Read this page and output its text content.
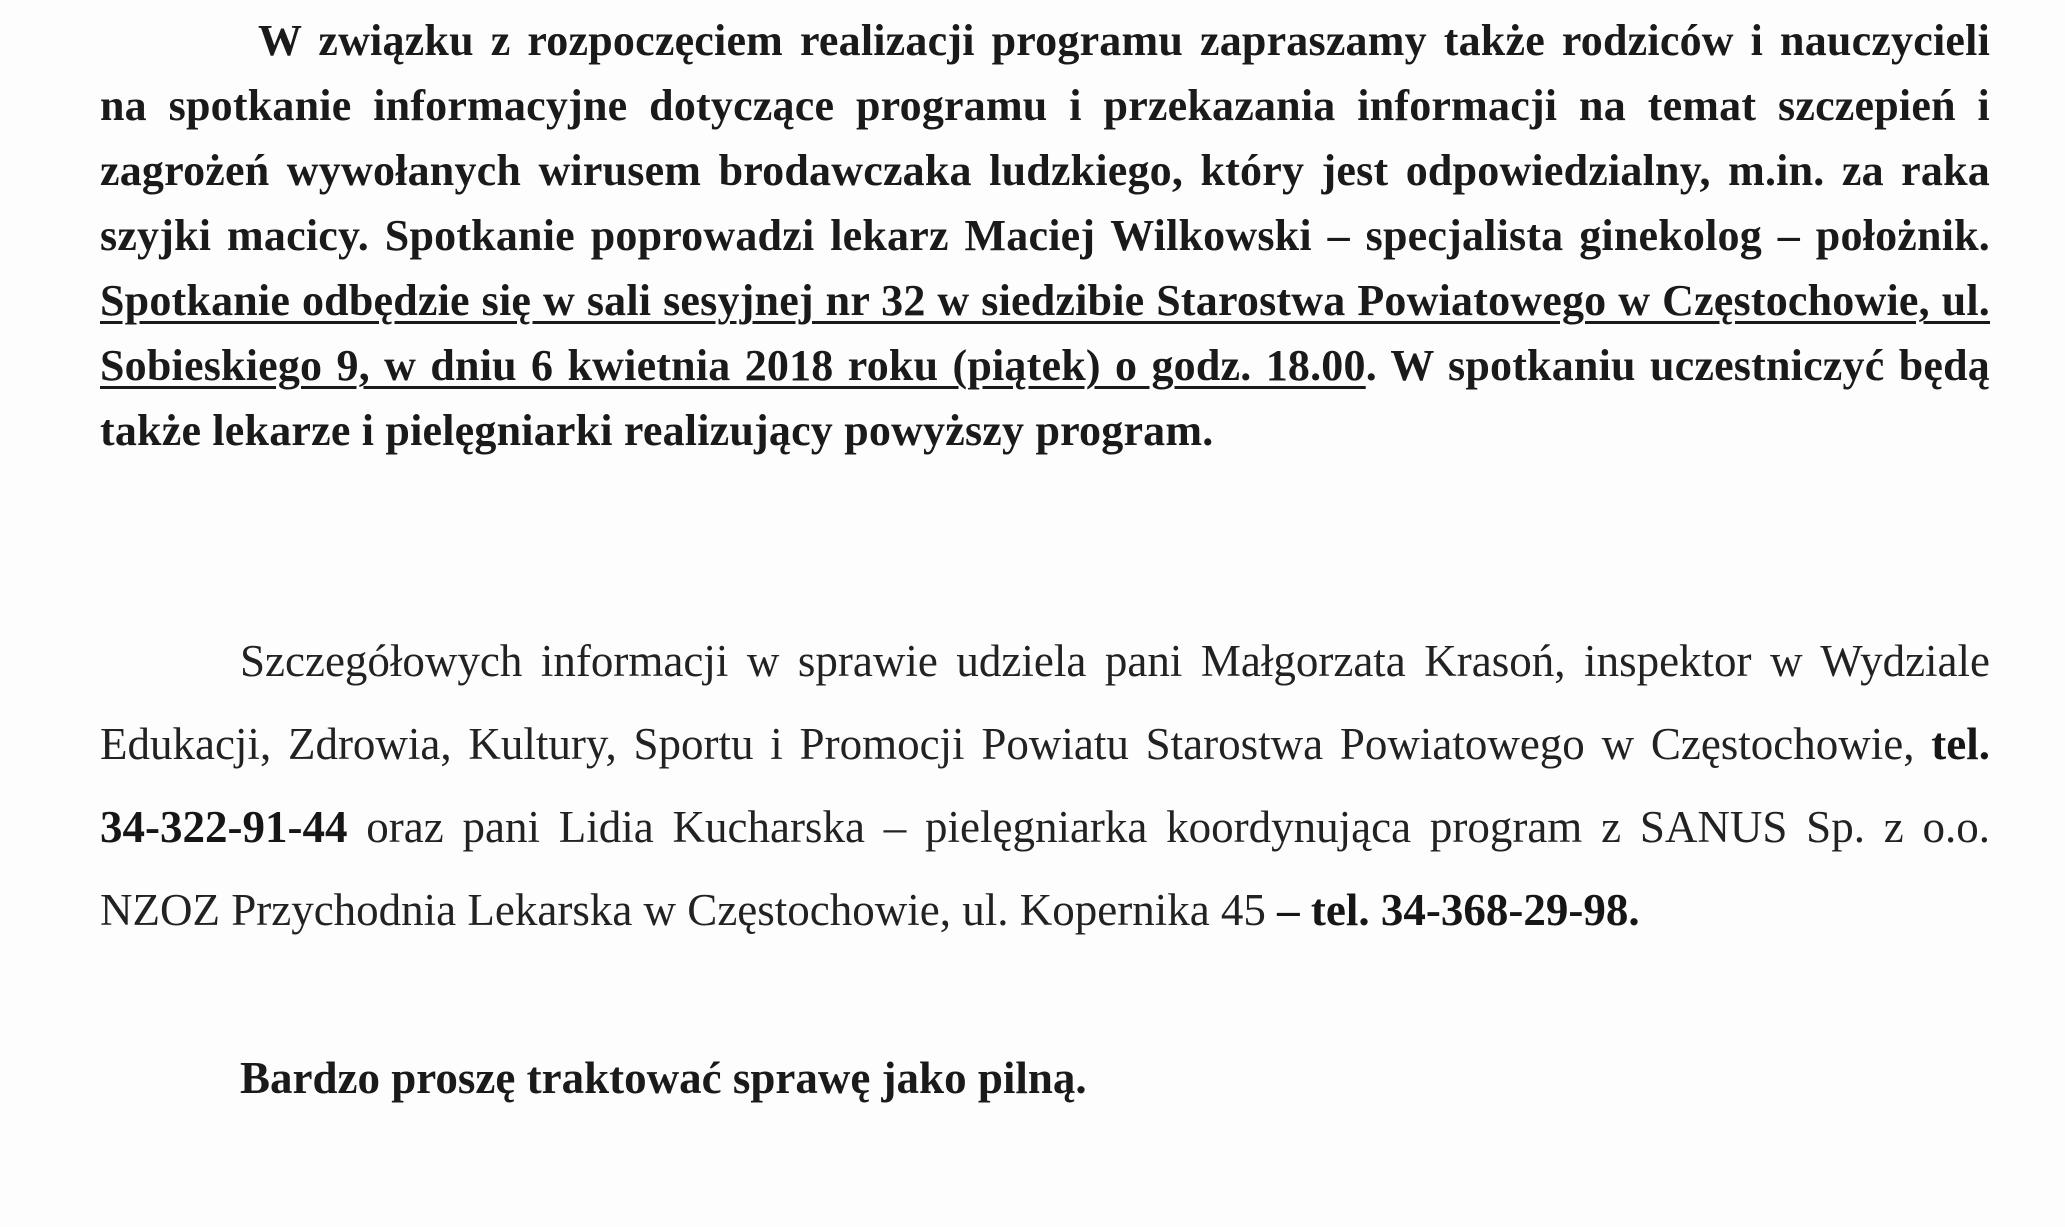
W związku z rozpoczęciem realizacji programu zapraszamy także rodziców i nauczycieli na spotkanie informacyjne dotyczące programu i przekazania informacji na temat szczepień i zagrożeń wywołanych wirusem brodawczaka ludzkiego, który jest odpowiedzialny, m.in. za raka szyjki macicy. Spotkanie poprowadzi lekarz Maciej Wilkowski – specjalista ginekolog – położnik. Spotkanie odbędzie się w sali sesyjnej nr 32 w siedzibie Starostwa Powiatowego w Częstochowie, ul. Sobieskiego 9, w dniu 6 kwietnia 2018 roku (piątek) o godz. 18.00. W spotkaniu uczestniczyć będą także lekarze i pielęgniarki realizujący powyższy program.

Szczegółowych informacji w sprawie udziela pani Małgorzata Krasoń, inspektor w Wydziale Edukacji, Zdrowia, Kultury, Sportu i Promocji Powiatu Starostwa Powiatowego w Częstochowie, tel. 34-322-91-44 oraz pani Lidia Kucharska – pielęgniarka koordynująca program z SANUS Sp. z o.o. NZOZ Przychodnia Lekarska w Częstochowie, ul. Kopernika 45 – tel. 34-368-29-98.

Bardzo proszę traktować sprawę jako pilną.
